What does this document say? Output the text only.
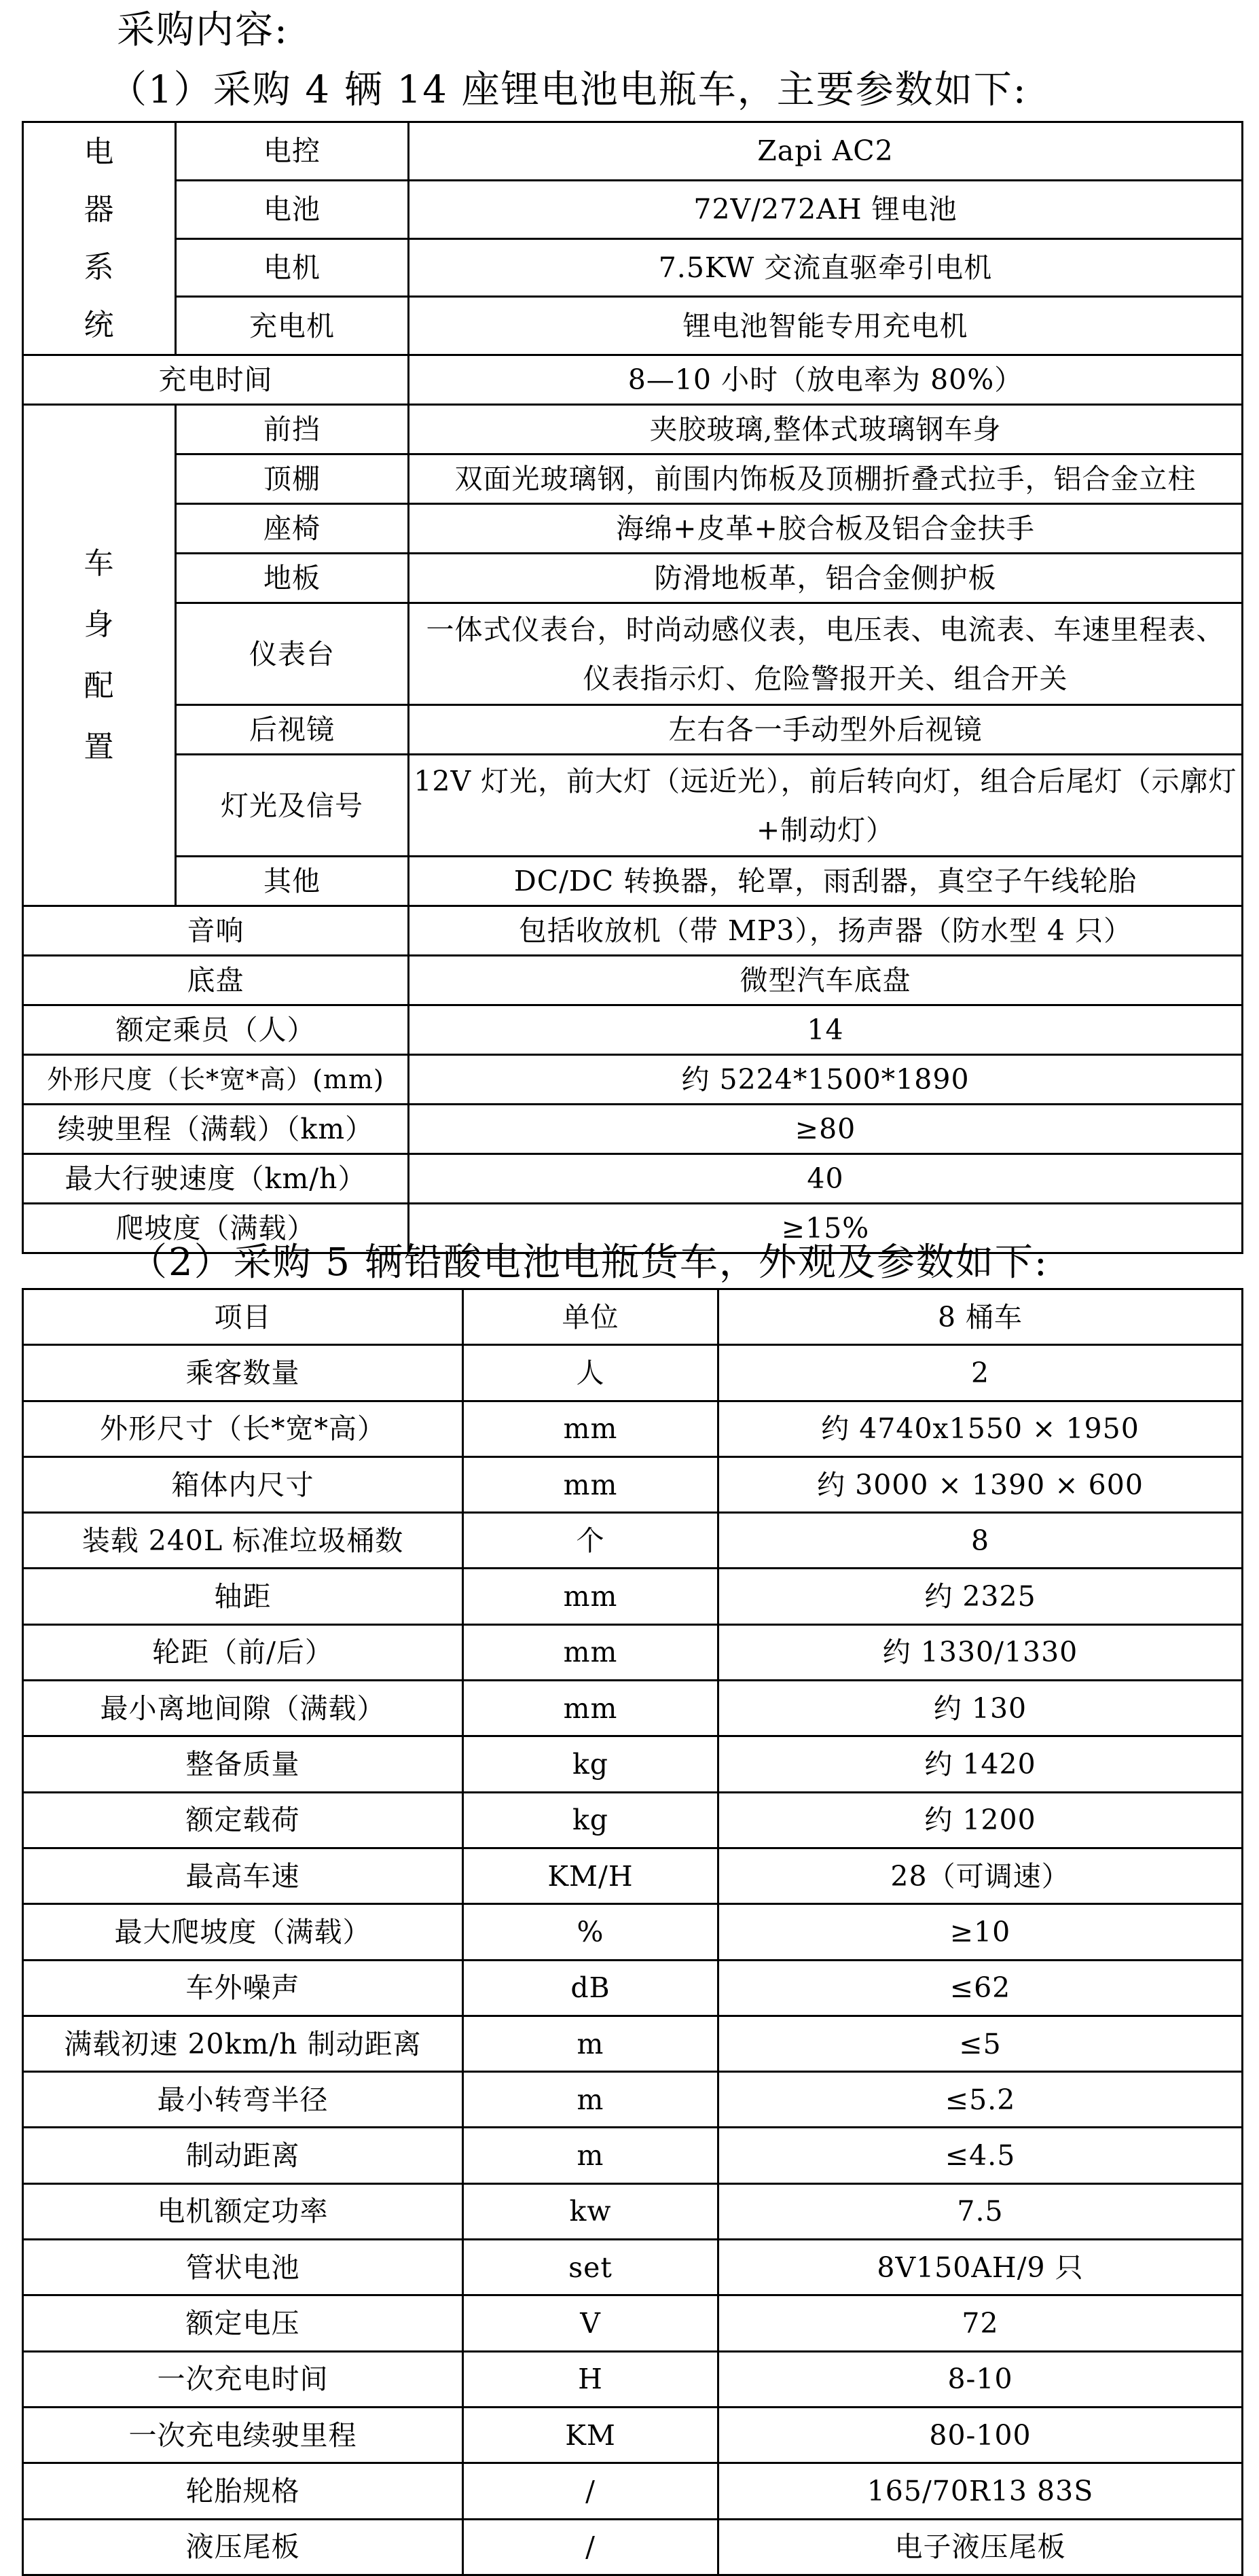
采购内容:
（1）采购 4 辆 14 座锂电池电瓶车，主要参数如下:
电器系统	电控	Zapi AC2
	电池	72V/272AH 锂电池
	电机	7.5KW 交流直驱牵引电机
	充电机	锂电池智能专用充电机
充电时间		8—10 小时（放电率为 80%）
车身配置	前挡	夹胶玻璃,整体式玻璃钢车身
	顶棚	双面光玻璃钢，前围内饰板及顶棚折叠式拉手，铝合金立柱
	座椅	海绵+皮革+胶合板及铝合金扶手
	地板	防滑地板革，铝合金侧护板
	仪表台	一体式仪表台，时尚动感仪表，电压表、电流表、车速里程表、仪表指示灯、危险警报开关、组合开关
	后视镜	左右各一手动型外后视镜
	灯光及信号	12V 灯光，前大灯（远近光），前后转向灯，组合后尾灯（示廓灯+制动灯）
	其他	DC/DC 转换器，轮罩，雨刮器，真空子午线轮胎
音响		包括收放机（带 MP3），扬声器（防水型 4 只）
底盘		微型汽车底盘
额定乘员（人）		14
外形尺度（长*宽*高）(mm)		约 5224*1500*1890
续驶里程（满载）（km）		≥80
最大行驶速度（km/h）		40
爬坡度（满载）		≥15%
（2）采购 5 辆铅酸电池电瓶货车，外观及参数如下:
项目	单位	8 桶车
乘客数量	人	2
外形尺寸（长*宽*高）	mm	约 4740x1550 × 1950
箱体内尺寸	mm	约 3000 × 1390 × 600
装载 240L 标准垃圾桶数	个	8
轴距	mm	约 2325
轮距（前/后）	mm	约 1330/1330
最小离地间隙（满载）	mm	约 130
整备质量	kg	约 1420
额定载荷	kg	约 1200
最高车速	KM/H	28（可调速）
最大爬坡度（满载）	%	≥10
车外噪声	dB	≤62
满载初速 20km/h 制动距离	m	≤5
最小转弯半径	m	≤5.2
制动距离	m	≤4.5
电机额定功率	kw	7.5
管状电池	set	8V150AH/9 只
额定电压	V	72
一次充电时间	H	8-10
一次充电续驶里程	KM	80-100
轮胎规格	/	165/70R13 83S
液压尾板	/	电子液压尾板
